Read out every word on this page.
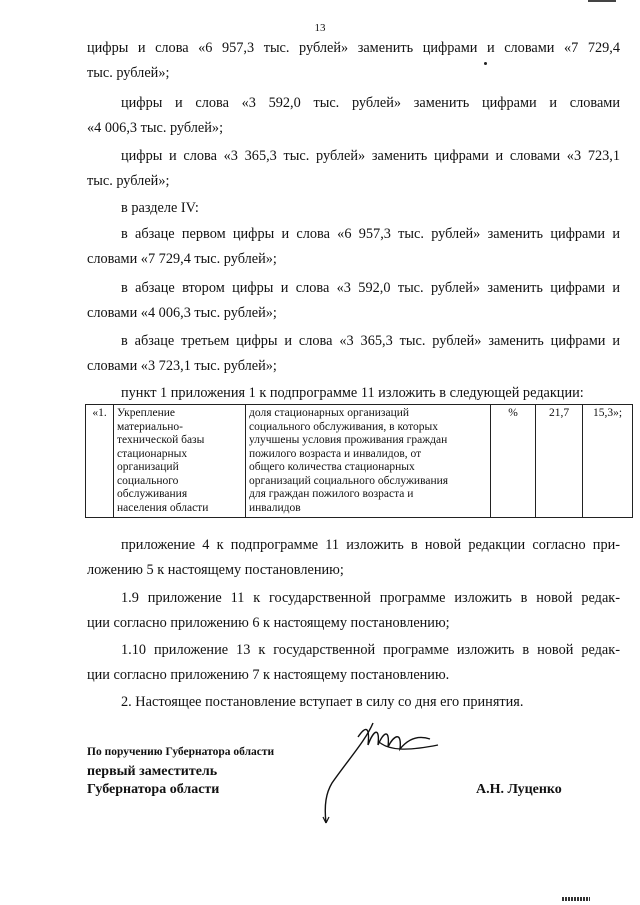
13
цифры и слова «6 957,3 тыс. рублей» заменить цифрами и словами «7 729,4
тыс. рублей»;
цифры и слова «3 592,0 тыс. рублей» заменить цифрами и словами
«4 006,3 тыс. рублей»;
цифры и слова «3 365,3 тыс. рублей» заменить цифрами и словами «3 723,1
тыс. рублей»;
в разделе IV:
в абзаце первом цифры и слова «6 957,3 тыс. рублей» заменить цифрами и
словами «7 729,4 тыс. рублей»;
в абзаце втором цифры и слова «3 592,0 тыс. рублей» заменить цифрами и
словами «4 006,3 тыс. рублей»;
в абзаце третьем цифры и слова «3 365,3 тыс. рублей» заменить цифрами и
словами «3 723,1 тыс. рублей»;
пункт 1 приложения 1 к подпрограмме 11 изложить в следующей редакции:
«1.	Укрепление
материально-
технической базы
стационарных
организаций
социального
обслуживания
населения области

доля стационарных организаций
социального обслуживания, в которых
улучшены условия проживания граждан
пожилого возраста и инвалидов, от
общего количества стационарных
организаций социального обслуживания
для граждан пожилого возраста и
инвалидов
	%	21,7	15,3»;
приложение 4 к подпрограмме 11 изложить в новой редакции согласно при-
ложению 5 к настоящему постановлению;
1.9 приложение 11 к государственной программе изложить в новой редак-
ции согласно приложению 6 к настоящему постановлению;
1.10 приложение 13 к государственной программе изложить в новой редак-
ции согласно приложению 7 к настоящему постановлению.
2. Настоящее постановление вступает в силу со дня его принятия.
По поручению Губернатора области
первый заместитель
Губернатора области	А.Н. Луценко
